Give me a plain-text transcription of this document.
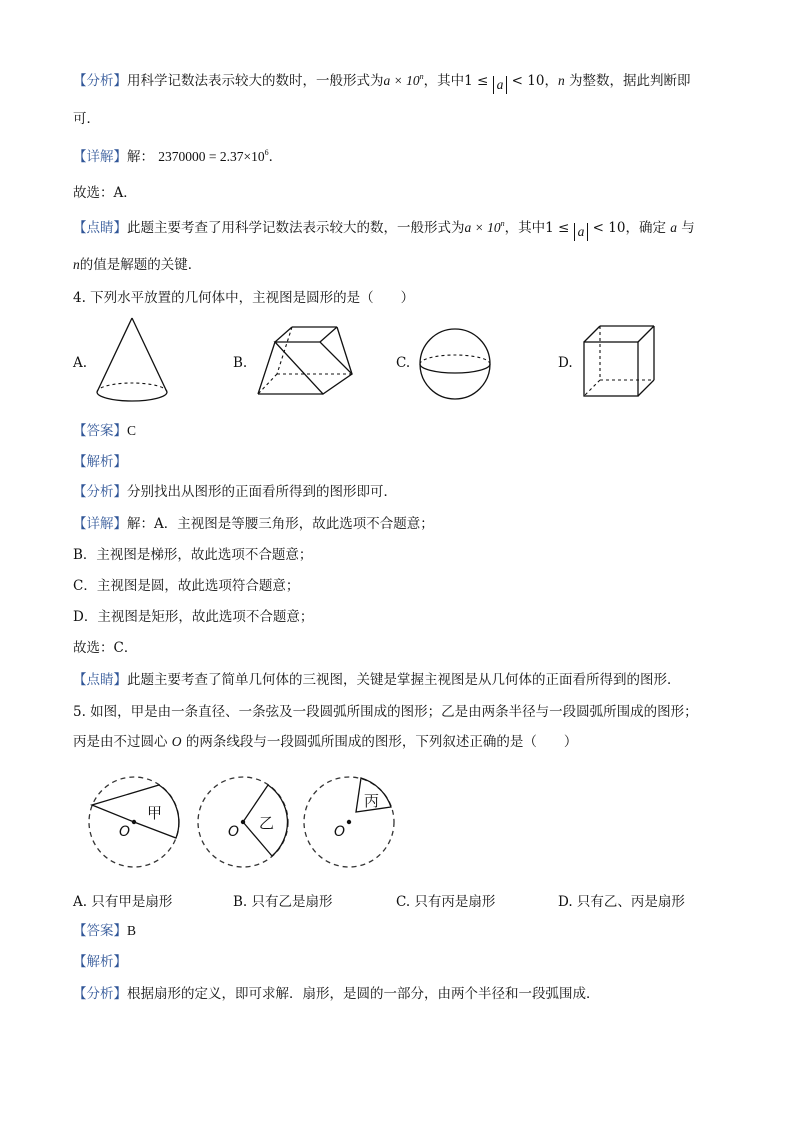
【分析】用科学记数法表示较大的数时，一般形式为$a \times 10^n$，其中1 ≤ a < 10，n 为整数，据此判断即
可．
【详解】解： $2370000 = 2.37\times 10^6$．
故选：A．
【点睛】此题主要考查了用科学记数法表示较大的数，一般形式为$a \times 10^n$，其中1 ≤ a < 10，确定 a 与
n的值是解题的关键．
4. 下列水平放置的几何体中，主视图是圆形的是（　　）
A.	B.	C.	D.
【答案】C
【解析】
【分析】分别找出从图形的正面看所得到的图形即可．
【详解】解：A．主视图是等腰三角形，故此选项不合题意；
B．主视图是梯形，故此选项不合题意；
C．主视图是圆，故此选项符合题意；
D．主视图是矩形，故此选项不合题意；
故选：C．
【点睛】此题主要考查了简单几何体的三视图，关键是掌握主视图是从几何体的正面看所得到的图形．
5. 如图，甲是由一条直径、一条弦及一段圆弧所围成的图形；乙是由两条半径与一段圆弧所围成的图形；
丙是由不过圆心 O 的两条线段与一段圆弧所围成的图形，下列叙述正确的是（　　）
甲
O	乙
O
丙
O
A. 只有甲是扇形	B. 只有乙是扇形	C. 只有丙是扇形	D. 只有乙、丙是扇形
【答案】B
【解析】
【分析】根据扇形的定义，即可求解．扇形，是圆的一部分，由两个半径和一段弧围成．
